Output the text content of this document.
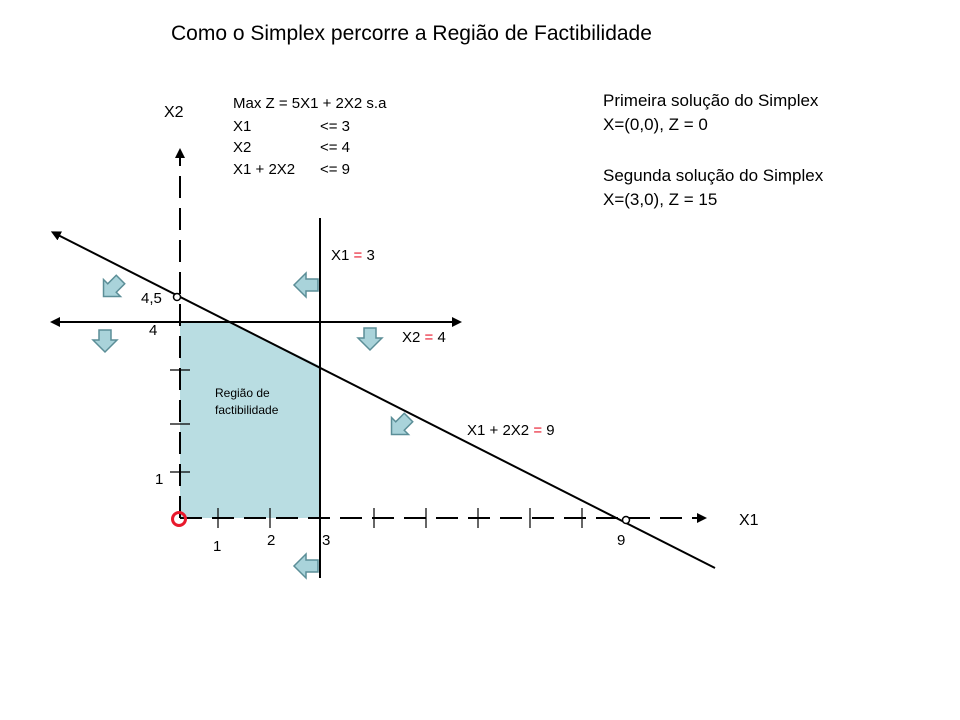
Como o Simplex percorre a Região de Factibilidade
Max Z = 5X1 + 2X2 s.a
X1	<= 3
X2	<= 4
X1 + 2X2 <= 9
Primeira solução do Simplex
X=(0,0), Z = 0
Segunda solução do Simplex
X=(3,0), Z = 15
X2
X1
X1 = 3
X2 = 4
X1 + 2X2 = 9
Região de
factibilidade
1	2	3	9
1
4
4,5
